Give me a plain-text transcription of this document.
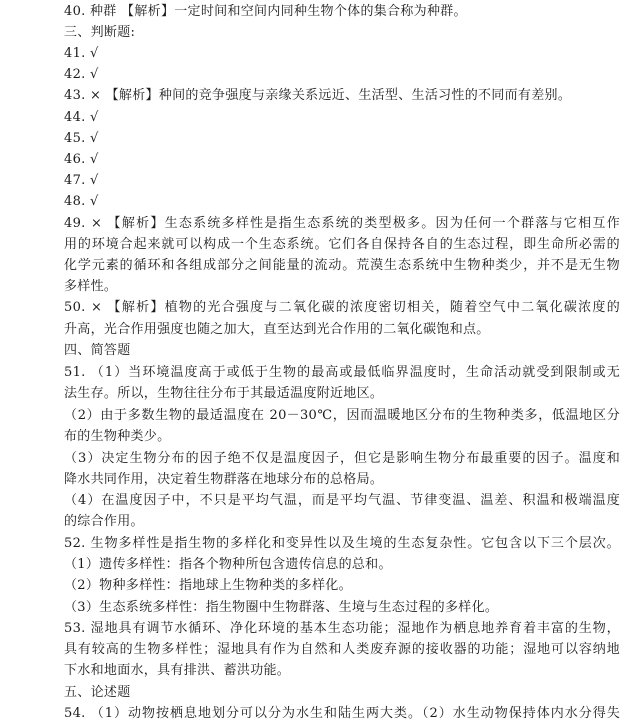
40. 种群 【解析】一定时间和空间内同种生物个体的集合称为种群。
三、判断题:
41. √
42. √
43. × 【解析】种间的竞争强度与亲缘关系远近、生活型、生活习性的不同而有差别。
44. √
45. √
46. √
47. √
48. √
49. × 【解析】生态系统多样性是指生态系统的类型极多。因为任何一个群落与它相互作
用的环境合起来就可以构成一个生态系统。它们各自保持各自的生态过程，即生命所必需的
化学元素的循环和各组成部分之间能量的流动。荒漠生态系统中生物种类少，并不是无生物
多样性。
50. × 【解析】植物的光合强度与二氧化碳的浓度密切相关，随着空气中二氧化碳浓度的
升高，光合作用强度也随之加大，直至达到光合作用的二氧化碳饱和点。
四、简答题
51. （1）当环境温度高于或低于生物的最高或最低临界温度时，生命活动就受到限制或无
法生存。所以，生物往往分布于其最适温度附近地区。
（2）由于多数生物的最适温度在 20－30℃，因而温暖地区分布的生物种类多，低温地区分
布的生物种类少。
（3）决定生物分布的因子绝不仅是温度因子，但它是影响生物分布最重要的因子。温度和
降水共同作用，决定着生物群落在地球分布的总格局。
（4）在温度因子中，不只是平均气温，而是平均气温、节律变温、温差、积温和极端温度
的综合作用。
52. 生物多样性是指生物的多样化和变异性以及生境的生态复杂性。它包含以下三个层次。
（1）遗传多样性：指各个物种所包含遗传信息的总和。
（2）物种多样性：指地球上生物种类的多样化。
（3）生态系统多样性：指生物圈中生物群落、生境与生态过程的多样化。
53. 湿地具有调节水循环、净化环境的基本生态功能；湿地作为栖息地养育着丰富的生物，
具有较高的生物多样性；湿地具有作为自然和人类废弃源的接收器的功能；湿地可以容纳地
下水和地面水，具有排洪、蓄洪功能。
五、论述题
54. （1）动物按栖息地划分可以分为水生和陆生两大类。（2）水生动物保持体内水分得失
